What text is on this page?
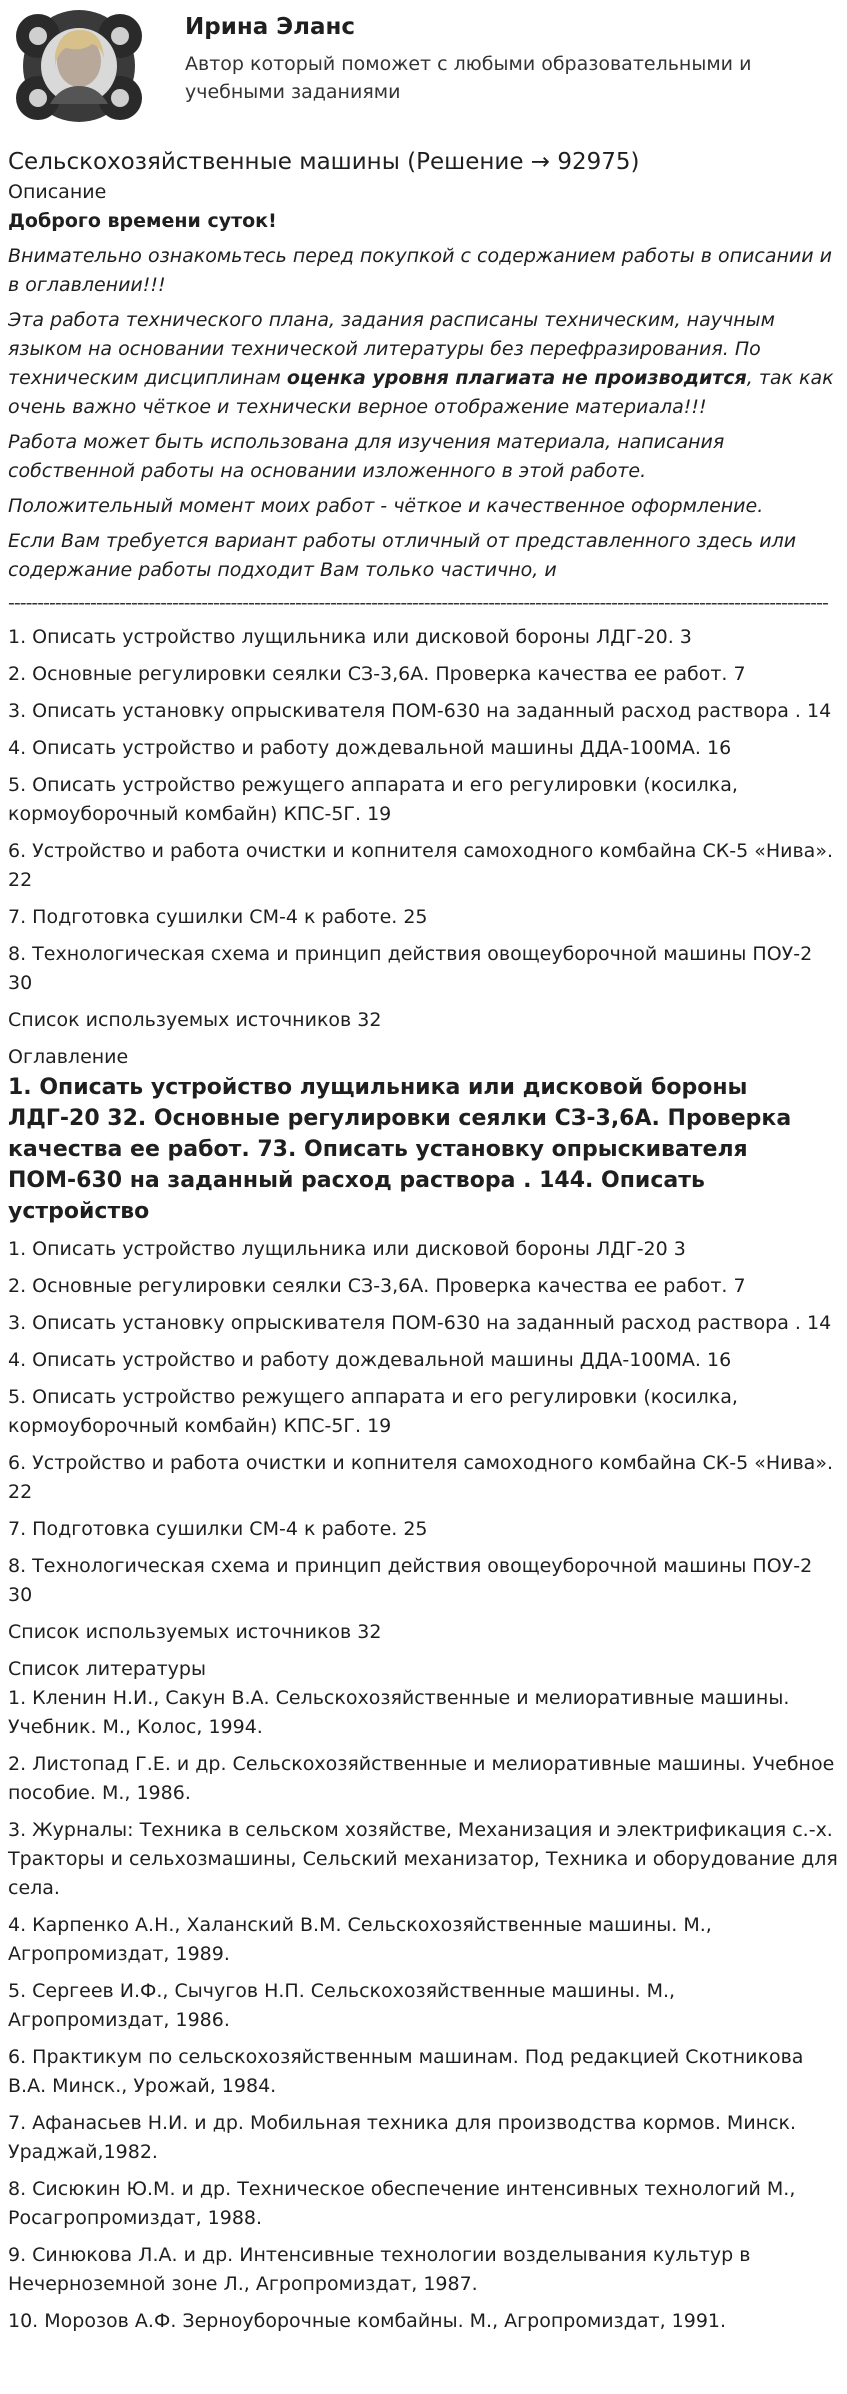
Ирина Эланс
Автор который поможет с любыми образовательными и учебными заданиями
Сельскохозяйственные машины (Решение → 92975)

Описание

Доброго времени суток!

Внимательно ознакомьтесь перед покупкой с содержанием работы в описании и в оглавлении!!!

Эта работа технического плана, задания расписаны техническим, научным языком на основании технической литературы без перефразирования. По техническим дисциплинам оценка уровня плагиата не производится, так как очень важно чёткое и технически верное отображение материала!!!

Работа может быть использована для изучения материала, написания собственной работы на основании изложенного в этой работе.

Положительный момент моих работ - чёткое и качественное оформление.

Если Вам требуется вариант работы отличный от представленного здесь или содержание работы подходит Вам только частично, и

--------------------------------------------------------------------------------------------------------------------------------------------

1. Описать устройство лущильника или дисковой бороны ЛДГ-20. 3

2. Основные регулировки сеялки СЗ-3,6А. Проверка качества ее работ. 7

3. Описать установку опрыскивателя ПОМ-630 на заданный расход раствора . 14

4. Описать устройство и работу дождевальной машины ДДА-100МА. 16

5. Описать устройство режущего аппарата и его регулировки (косилка, кормоуборочный комбайн) КПС-5Г. 19

6. Устройство и работа очистки и копнителя самоходного комбайна СК-5 «Нива». 22

7. Подготовка сушилки СМ-4 к работе. 25

8. Технологическая схема и принцип действия овощеуборочной машины ПОУ-2 30

Список используемых источников 32

Оглавление

1. Описать устройство лущильника или дисковой бороны ЛДГ-20 32. Основные регулировки сеялки СЗ-3,6А. Проверка качества ее работ. 73. Описать установку опрыскивателя ПОМ-630 на заданный расход раствора . 144. Описать устройство

1. Описать устройство лущильника или дисковой бороны ЛДГ-20 3

2. Основные регулировки сеялки СЗ-3,6А. Проверка качества ее работ. 7

3. Описать установку опрыскивателя ПОМ-630 на заданный расход раствора . 14

4. Описать устройство и работу дождевальной машины ДДА-100МА. 16

5. Описать устройство режущего аппарата и его регулировки (косилка, кормоуборочный комбайн) КПС-5Г. 19

6. Устройство и работа очистки и копнителя самоходного комбайна СК-5 «Нива». 22

7. Подготовка сушилки СМ-4 к работе. 25

8. Технологическая схема и принцип действия овощеуборочной машины ПОУ-2 30

Список используемых источников 32

Список литературы

1. Кленин Н.И., Сакун В.А. Сельскохозяйственные и мелиоративные машины. Учебник. М., Колос, 1994.

2. Листопад Г.Е. и др. Сельскохозяйственные и мелиоративные машины. Учебное пособие. М., 1986.

3. Журналы: Техника в сельском хозяйстве, Механизация и электрификация с.-х. Тракторы и сельхозмашины, Сельский механизатор, Техника и оборудование для села.

4. Карпенко А.Н., Халанский В.М. Сельскохозяйственные машины. М., Агропромиздат, 1989.

5. Сергеев И.Ф., Сычугов Н.П. Сельскохозяйственные машины. М., Агропромиздат, 1986.

6. Практикум по сельскохозяйственным машинам. Под редакцией Скотникова В.А. Минск., Урожай, 1984.

7. Афанасьев Н.И. и др. Мобильная техника для производства кормов. Минск. Ураджай,1982.

8. Сисюкин Ю.М. и др. Техническое обеспечение интенсивных технологий М., Росагропромиздат, 1988.

9. Синюкова Л.А. и др. Интенсивные технологии возделывания культур в Нечерноземной зоне Л., Агропромиздат, 1987.

10. Морозов А.Ф. Зерноуборочные комбайны. М., Агропромиздат, 1991.
